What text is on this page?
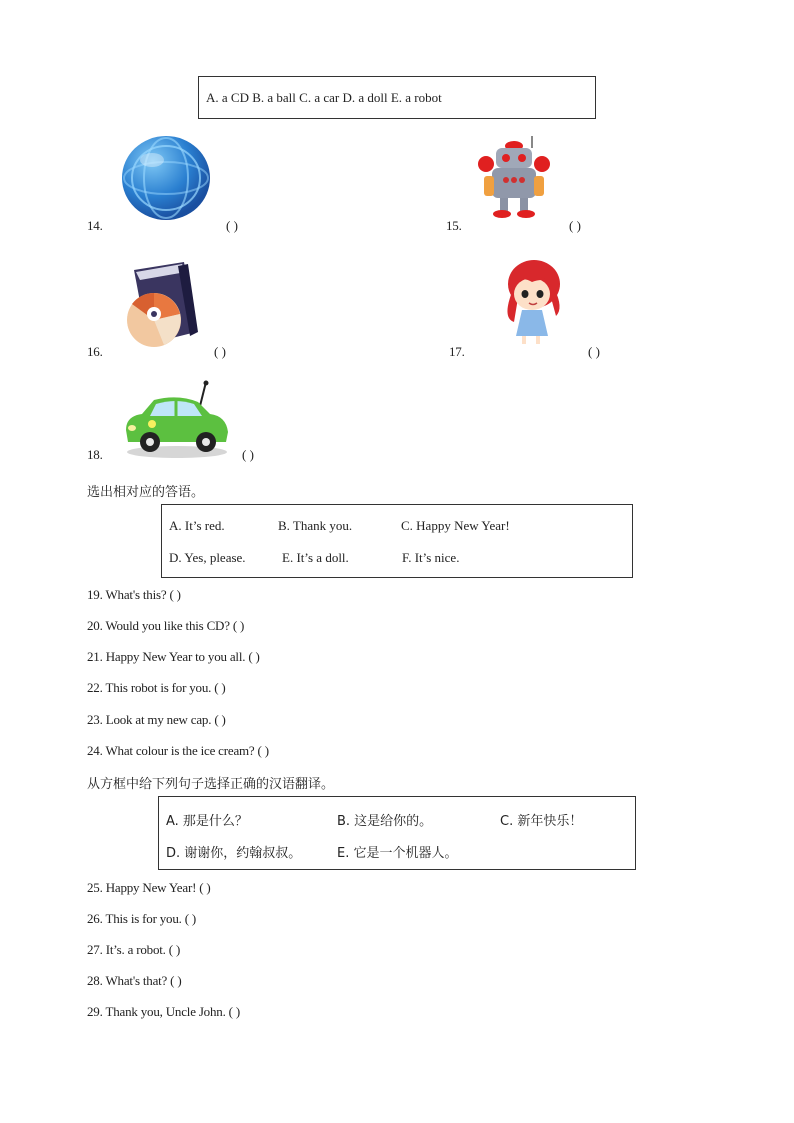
A. a CD B. a ball C. a car D. a doll E. a robot
14.	( )	15.	( )
16.	( )	17.	( )
18.	( )
选出相对应的答语。
A. It’s red.	B. Thank you.	C. Happy New Year!
D. Yes, please.	E. It’s a doll.	F. It’s nice.
19. What's this? ( )
20. Would you like this CD? ( )
21. Happy New Year to you all. ( )
22. This robot is for you. ( )
23. Look at my new cap. ( )
24. What colour is the ice cream? ( )
从方框中给下列句子选择正确的汉语翻译。
A. 那是什么？	B. 这是给你的。	C. 新年快乐！
D. 谢谢你，约翰叔叔。	E. 它是一个机器人。
25. Happy New Year! ( )
26. This is for you. ( )
27. It’s. a robot. ( )
28. What's that? ( )
29. Thank you, Uncle John. ( )
